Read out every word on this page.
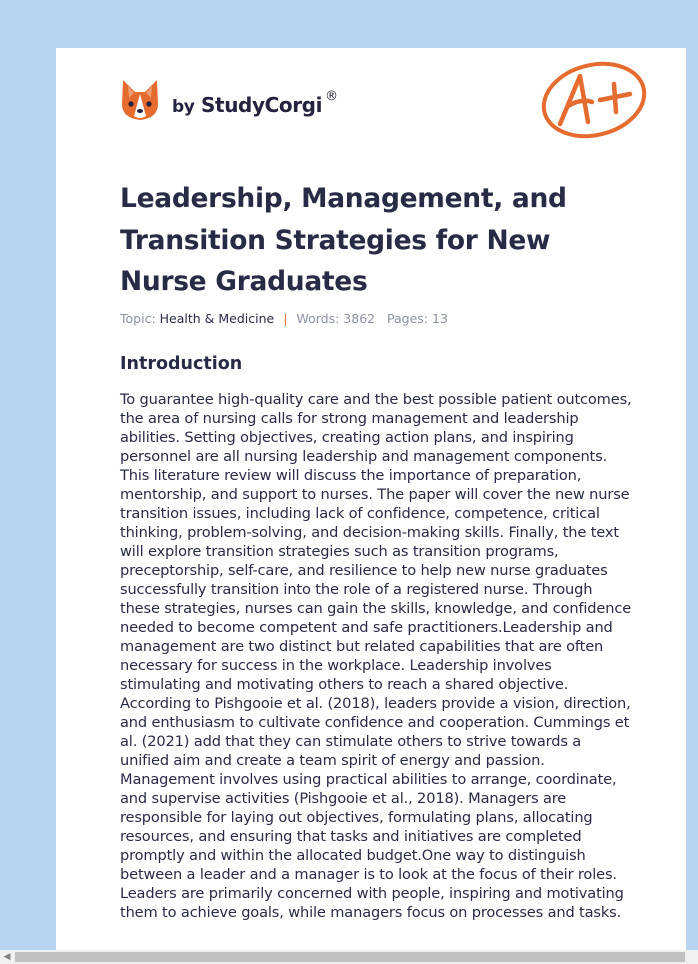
by StudyCorgi ®
Leadership, Management, and Transition Strategies for New Nurse Graduates
Topic: Health & Medicine | Words: 3862 Pages: 13
Introduction

To guarantee high-quality care and the best possible patient outcomes, the area of nursing calls for strong management and leadership abilities. Setting objectives, creating action plans, and inspiring personnel are all nursing leadership and management components. This literature review will discuss the importance of preparation, mentorship, and support to nurses. The paper will cover the new nurse transition issues, including lack of confidence, competence, critical thinking, problem-solving, and decision-making skills. Finally, the text will explore transition strategies such as transition programs, preceptorship, self-care, and resilience to help new nurse graduates successfully transition into the role of a registered nurse. Through these strategies, nurses can gain the skills, knowledge, and confidence needed to become competent and safe practitioners.Leadership and management are two distinct but related capabilities that are often necessary for success in the workplace. Leadership involves stimulating and motivating others to reach a shared objective. According to Pishgooie et al. (2018), leaders provide a vision, direction, and enthusiasm to cultivate confidence and cooperation. Cummings et al. (2021) add that they can stimulate others to strive towards a unified aim and create a team spirit of energy and passion. Management involves using practical abilities to arrange, coordinate, and supervise activities (Pishgooie et al., 2018). Managers are responsible for laying out objectives, formulating plans, allocating resources, and ensuring that tasks and initiatives are completed promptly and within the allocated budget.One way to distinguish between a leader and a manager is to look at the focus of their roles. Leaders are primarily concerned with people, inspiring and motivating them to achieve goals, while managers focus on processes and tasks.

◀
